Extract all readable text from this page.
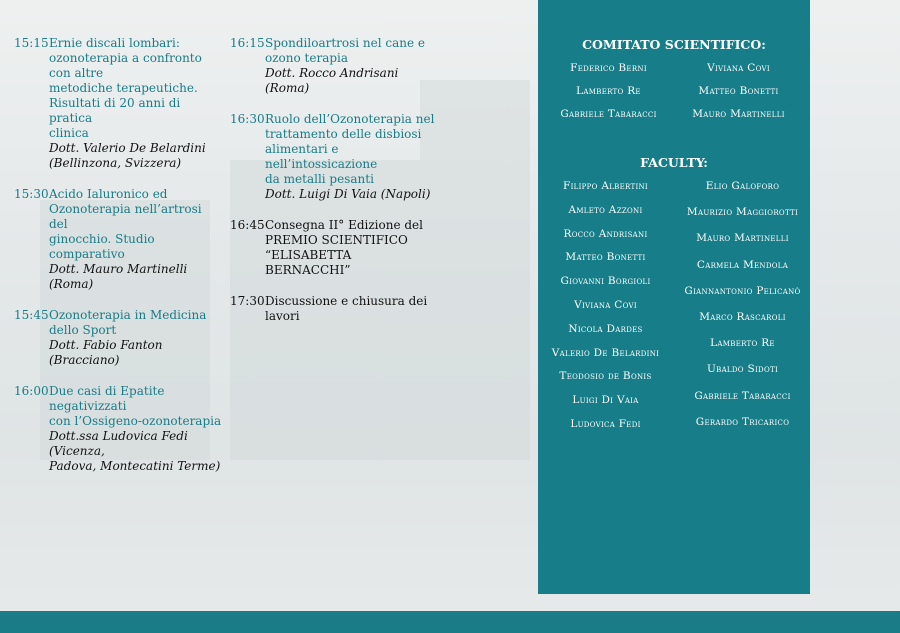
15:15 Ernie discali lombari:
ozonoterapia a confronto con altre
metodiche terapeutiche.
Risultati di 20 anni di pratica
clinica
Dott. Valerio De Belardini
(Bellinzona, Svizzera)
15:30 Acido Ialuronico ed
Ozonoterapia nell’artrosi del
ginocchio. Studio comparativo
Dott. Mauro Martinelli (Roma)
15:45 Ozonoterapia in Medicina
dello Sport
Dott. Fabio Fanton (Bracciano)
16:00 Due casi di Epatite negativizzati
con l’Ossigeno-ozonoterapia
Dott.ssa Ludovica Fedi (Vicenza,
Padova, Montecatini Terme)
16:15 Spondiloartrosi nel cane e
ozono terapia
Dott. Rocco Andrisani (Roma)
16:30 Ruolo dell’Ozonoterapia nel
trattamento delle disbiosi
alimentari e nell’intossicazione
da metalli pesanti
Dott. Luigi Di Vaia (Napoli)
16:45 Consegna II° Edizione del
PREMIO SCIENTIFICO
“ELISABETTA BERNACCHI”
17:30 Discussione e chiusura dei lavori
COMITATO SCIENTIFICO:
Federico Berni
Lamberto Re
Gabriele Tabaracci
Viviana Covi
Matteo Bonetti
Mauro Martinelli
FACULTY:
Filippo Albertini
Amleto Azzoni
Rocco Andrisani
Matteo Bonetti
Giovanni Borgioli
Viviana Covi
Nicola Dardes
Valerio De Belardini
Teodosio de Bonis
Luigi Di Vaia
Ludovica Fedi
Elio Galoforo
Maurizio Maggiorotti
Mauro Martinelli
Carmela Mendola
Giannantonio Pelicanò
Marco Rascaroli
Lamberto Re
Ubaldo Sidoti
Gabriele Tabaracci
Gerardo Tricarico
